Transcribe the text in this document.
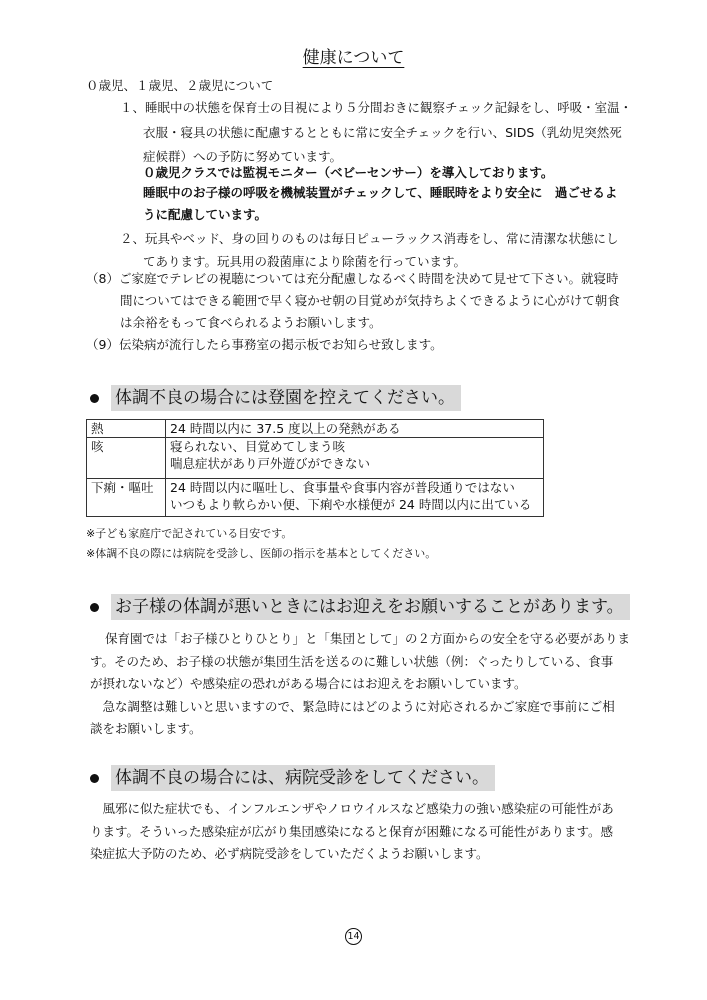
健康について
０歳児、１歳児、２歳児について
１、睡眠中の状態を保育士の目視により５分間おきに観察チェック記録をし、呼吸・室温・
衣服・寝具の状態に配慮するとともに常に安全チェックを行い、SIDS（乳幼児突然死
症候群）への予防に努めています。
０歳児クラスでは監視モニター（ベビーセンサー）を導入しております。
睡眠中のお子様の呼吸を機械装置がチェックして、睡眠時をより安全に　過ごせるよ
うに配慮しています。
２、玩具やベッド、身の回りのものは毎日ピューラックス消毒をし、常に清潔な状態にし
てあります。玩具用の殺菌庫により除菌を行っています。
（8）ご家庭でテレビの視聴については充分配慮しなるべく時間を決めて見せて下さい。就寝時
間についてはできる範囲で早く寝かせ朝の目覚めが気持ちよくできるように心がけて朝食
は余裕をもって食べられるようお願いします。
（9）伝染病が流行したら事務室の掲示板でお知らせ致します。
体調不良の場合には登園を控えてください。
熱	24 時間以内に 37.5 度以上の発熱がある

咳	寝られない、目覚めてしまう咳
喘息症状があり戸外遊びができない

下痢・嘔吐	24 時間以内に嘔吐し、食事量や食事内容が普段通りではない
いつもより軟らかい便、下痢や水様便が 24 時間以内に出ている
※子ども家庭庁で記されている目安です。
※体調不良の際には病院を受診し、医師の指示を基本としてください。
お子様の体調が悪いときにはお迎えをお願いすることがあります。
保育園では「お子様ひとりひとり」と「集団として」の２方面からの安全を守る必要がありま
す。そのため、お子様の状態が集団生活を送るのに難しい状態（例：ぐったりしている、食事
が摂れないなど）や感染症の恐れがある場合にはお迎えをお願いしています。
　急な調整は難しいと思いますので、緊急時にはどのように対応されるかご家庭で事前にご相
談をお願いします。
体調不良の場合には、病院受診をしてください。
　風邪に似た症状でも、インフルエンザやノロウイルスなど感染力の強い感染症の可能性があ
ります。そういった感染症が広がり集団感染になると保育が困難になる可能性があります。感
染症拡大予防のため、必ず病院受診をしていただくようお願いします。
14
